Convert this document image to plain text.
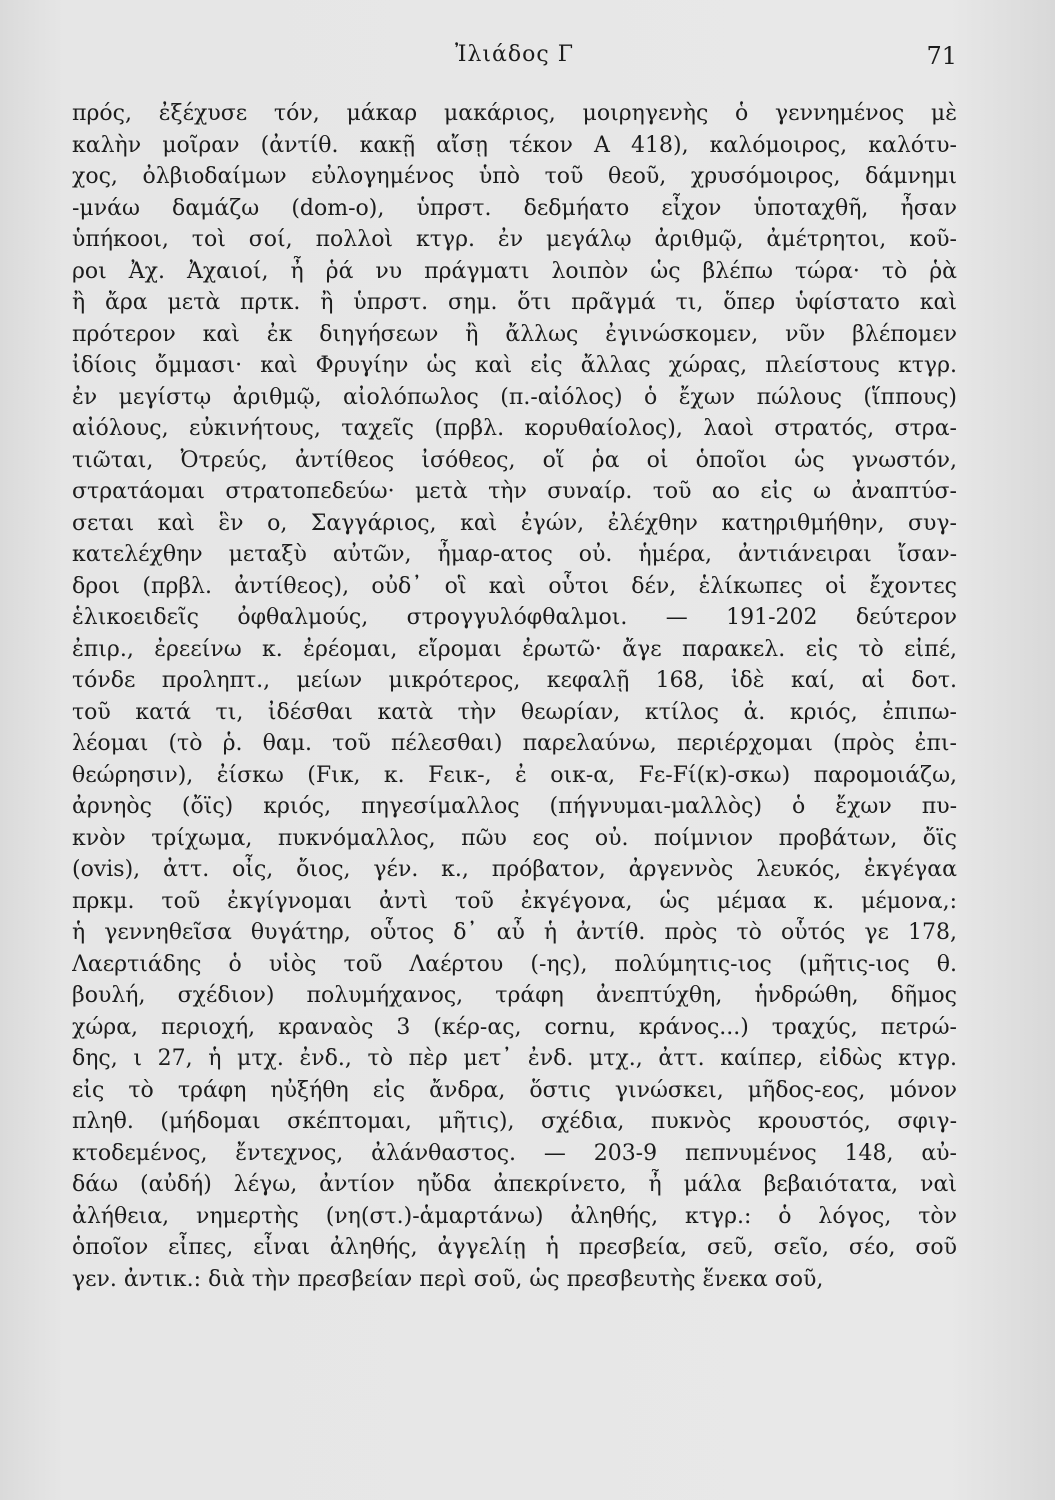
Ἰλιάδος Γ	71
πρός, ἐξέχυσε τόν, μάκαρ μακάριος, μοιρηγενὴς ὁ γεννημένος μὲ
καλὴν μοῖραν (ἀντίθ. κακῇ αἴσῃ τέκον Α 418), καλόμοιρος, καλότυ-
χος, ὀλβιοδαίμων εὐλογημένος ὑπὸ τοῦ θεοῦ, χρυσόμοιρος, δάμνημι
-μνάω δαμάζω (dom-o), ὑπρστ. δεδμήατο εἶχον ὑποταχθῆ, ἦσαν
ὑπήκοοι, τοὶ σοί, πολλοὶ κτγρ. ἐν μεγάλῳ ἀριθμῷ, ἀμέτρητοι, κοῦ-
ροι Ἀχ. Ἀχαιοί, ἦ ῥά νυ πράγματι λοιπὸν ὡς βλέπω τώρα· τὸ ῥὰ
ἢ ἄρα μετὰ πρτκ. ἢ ὑπρστ. σημ. ὅτι πρᾶγμά τι, ὅπερ ὑφίστατο καὶ
πρότερον καὶ ἐκ διηγήσεων ἢ ἄλλως ἐγινώσκομεν, νῦν βλέπομεν
ἰδίοις ὄμμασι· καὶ Φρυγίην ὡς καὶ εἰς ἄλλας χώρας, πλείστους κτγρ.
ἐν μεγίστῳ ἀριθμῷ, αἰολόπωλος (π.-αἰόλος) ὁ ἔχων πώλους (ἵππους)
αἰόλους, εὐκινήτους, ταχεῖς (πρβλ. κορυθαίολος), λαοὶ στρατός, στρα-
τιῶται, Ὀτρεύς, ἀντίθεος ἰσόθεος, οἵ ῥα οἱ ὁποῖοι ὡς γνωστόν,
στρατάομαι στρατοπεδεύω· μετὰ τὴν συναίρ. τοῦ αο εἰς ω ἀναπτύσ-
σεται καὶ ἓν ο, Σαγγάριος, καὶ ἐγών, ἐλέχθην κατηριθμήθην, συγ-
κατελέχθην μεταξὺ αὐτῶν, ἦμαρ-ατος οὐ. ἡμέρα, ἀντιάνειραι ἴσαν-
δροι (πρβλ. ἀντίθεος), οὐδ᾽ οἳ καὶ οὗτοι δέν, ἑλίκωπες οἱ ἔχοντες
ἑλικοειδεῖς ὀφθαλμούς, στρογγυλόφθαλμοι. — 191-202 δεύτερον
ἐπιρ., ἐρεείνω κ. ἐρέομαι, εἴρομαι ἐρωτῶ· ἄγε παρακελ. εἰς τὸ εἰπέ,
τόνδε προληπτ., μείων μικρότερος, κεφαλῇ 168, ἰδὲ καί, αἱ δοτ.
τοῦ κατά τι, ἰδέσθαι κατὰ τὴν θεωρίαν, κτίλος ἀ. κριός, ἐπιπω-
λέομαι (τὸ ῥ. θαμ. τοῦ πέλεσθαι) παρελαύνω, περιέρχομαι (πρὸς ἐπι-
θεώρησιν), ἐίσκω (Fικ, κ. Fεικ-, ἐ οικ-α, Fε-Fί(κ)-σκω) παρομοιάζω,
ἀρνηὸς (ὄϊς) κριός, πηγεσίμαλλος (πήγνυμαι-μαλλὸς) ὁ ἔχων πυ-
κνὸν τρίχωμα, πυκνόμαλλος, πῶυ εος οὐ. ποίμνιον προβάτων, ὄϊς
(ovis), ἀττ. οἶς, ὄιος, γέν. κ., πρόβατον, ἀργεννὸς λευκός, ἐκγέγαα
πρκμ. τοῦ ἐκγίγνομαι ἀντὶ τοῦ ἐκγέγονα, ὡς μέμαα κ. μέμονα,:
ἡ γεννηθεῖσα θυγάτηρ, οὗτος δ᾽ αὖ ἡ ἀντίθ. πρὸς τὸ οὗτός γε 178,
Λαερτιάδης ὁ υἱὸς τοῦ Λαέρτου (-ης), πολύμητις-ιος (μῆτις-ιος θ.
βουλή, σχέδιον) πολυμήχανος, τράφη ἀνεπτύχθη, ἡνδρώθη, δῆμος
χώρα, περιοχή, κραναὸς 3 (κέρ-ας, cornu, κράνος...) τραχύς, πετρώ-
δης, ι 27, ἡ μτχ. ἐνδ., τὸ πὲρ μετ᾽ ἐνδ. μτχ., ἀττ. καίπερ, εἰδὼς κτγρ.
εἰς τὸ τράφη ηὐξήθη εἰς ἄνδρα, ὅστις γινώσκει, μῆδος-εος, μόνον
πληθ. (μήδομαι σκέπτομαι, μῆτις), σχέδια, πυκνὸς κρουστός, σφιγ-
κτοδεμένος, ἔντεχνος, ἀλάνθαστος. — 203-9 πεπνυμένος 148, αὐ-
δάω (αὐδή) λέγω, ἀντίον ηὔδα ἀπεκρίνετο, ἦ μάλα βεβαιότατα, ναὶ
ἀλήθεια, νημερτὴς (νη(στ.)-ἁμαρτάνω) ἀληθής, κτγρ.: ὁ λόγος, τὸν
ὁποῖον εἶπες, εἶναι ἀληθής, ἀγγελίῃ ἡ πρεσβεία, σεῦ, σεῖο, σέο, σοῦ
γεν. ἀντικ.: διὰ τὴν πρεσβείαν περὶ σοῦ, ὡς πρεσβευτὴς ἕνεκα σοῦ,
